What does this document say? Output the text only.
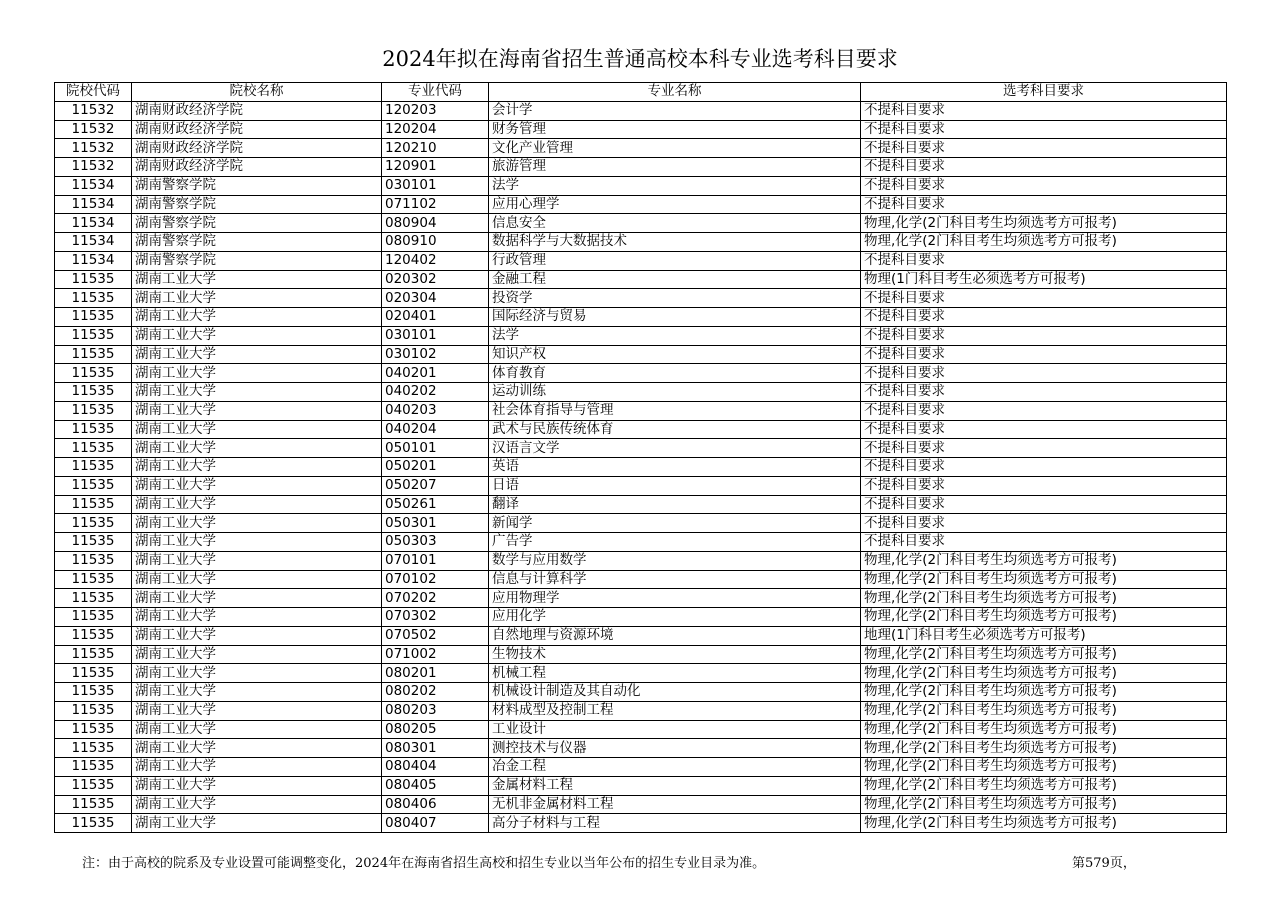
2024年拟在海南省招生普通高校本科专业选考科目要求
院校代码	院校名称	专业代码	专业名称	选考科目要求
11532	湖南财政经济学院	120203	会计学	不提科目要求
11532	湖南财政经济学院	120204	财务管理	不提科目要求
11532	湖南财政经济学院	120210	文化产业管理	不提科目要求
11532	湖南财政经济学院	120901	旅游管理	不提科目要求
11534	湖南警察学院	030101	法学	不提科目要求
11534	湖南警察学院	071102	应用心理学	不提科目要求
11534	湖南警察学院	080904	信息安全	物理,化学(2门科目考生均须选考方可报考)
11534	湖南警察学院	080910	数据科学与大数据技术	物理,化学(2门科目考生均须选考方可报考)
11534	湖南警察学院	120402	行政管理	不提科目要求
11535	湖南工业大学	020302	金融工程	物理(1门科目考生必须选考方可报考)
11535	湖南工业大学	020304	投资学	不提科目要求
11535	湖南工业大学	020401	国际经济与贸易	不提科目要求
11535	湖南工业大学	030101	法学	不提科目要求
11535	湖南工业大学	030102	知识产权	不提科目要求
11535	湖南工业大学	040201	体育教育	不提科目要求
11535	湖南工业大学	040202	运动训练	不提科目要求
11535	湖南工业大学	040203	社会体育指导与管理	不提科目要求
11535	湖南工业大学	040204	武术与民族传统体育	不提科目要求
11535	湖南工业大学	050101	汉语言文学	不提科目要求
11535	湖南工业大学	050201	英语	不提科目要求
11535	湖南工业大学	050207	日语	不提科目要求
11535	湖南工业大学	050261	翻译	不提科目要求
11535	湖南工业大学	050301	新闻学	不提科目要求
11535	湖南工业大学	050303	广告学	不提科目要求
11535	湖南工业大学	070101	数学与应用数学	物理,化学(2门科目考生均须选考方可报考)
11535	湖南工业大学	070102	信息与计算科学	物理,化学(2门科目考生均须选考方可报考)
11535	湖南工业大学	070202	应用物理学	物理,化学(2门科目考生均须选考方可报考)
11535	湖南工业大学	070302	应用化学	物理,化学(2门科目考生均须选考方可报考)
11535	湖南工业大学	070502	自然地理与资源环境	地理(1门科目考生必须选考方可报考)
11535	湖南工业大学	071002	生物技术	物理,化学(2门科目考生均须选考方可报考)
11535	湖南工业大学	080201	机械工程	物理,化学(2门科目考生均须选考方可报考)
11535	湖南工业大学	080202	机械设计制造及其自动化	物理,化学(2门科目考生均须选考方可报考)
11535	湖南工业大学	080203	材料成型及控制工程	物理,化学(2门科目考生均须选考方可报考)
11535	湖南工业大学	080205	工业设计	物理,化学(2门科目考生均须选考方可报考)
11535	湖南工业大学	080301	测控技术与仪器	物理,化学(2门科目考生均须选考方可报考)
11535	湖南工业大学	080404	冶金工程	物理,化学(2门科目考生均须选考方可报考)
11535	湖南工业大学	080405	金属材料工程	物理,化学(2门科目考生均须选考方可报考)
11535	湖南工业大学	080406	无机非金属材料工程	物理,化学(2门科目考生均须选考方可报考)
11535	湖南工业大学	080407	高分子材料与工程	物理,化学(2门科目考生均须选考方可报考)
注：由于高校的院系及专业设置可能调整变化，2024年在海南省招生高校和招生专业以当年公布的招生专业目录为准。	第579页，
